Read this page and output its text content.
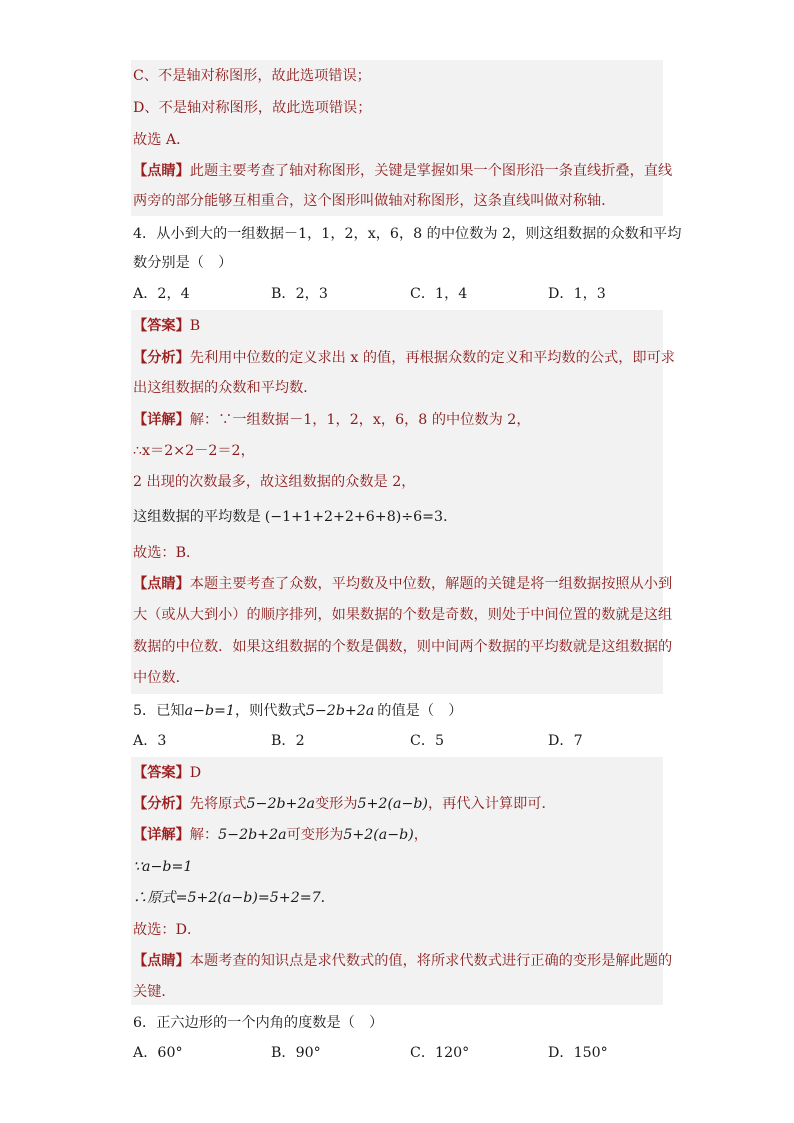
C、不是轴对称图形，故此选项错误；
D、不是轴对称图形，故此选项错误；
故选 A．
【点睛】此题主要考查了轴对称图形，关键是掌握如果一个图形沿一条直线折叠，直线
两旁的部分能够互相重合，这个图形叫做轴对称图形，这条直线叫做对称轴．
4．从小到大的一组数据－1，1，2，x，6，8 的中位数为 2，则这组数据的众数和平均
数分别是（　）
A．2，4	B．2，3	C．1，4	D．1，3
【答案】B
【分析】先利用中位数的定义求出 x 的值，再根据众数的定义和平均数的公式，即可求
出这组数据的众数和平均数．
【详解】解：∵一组数据－1，1，2，x，6，8 的中位数为 2，
∴x＝2×2－2＝2，
2 出现的次数最多，故这组数据的众数是 2，
这组数据的平均数是 (−1+1+2+2+6+8)÷6=3．
故选：B．
【点睛】本题主要考查了众数，平均数及中位数，解题的关键是将一组数据按照从小到
大（或从大到小）的顺序排列，如果数据的个数是奇数，则处于中间位置的数就是这组
数据的中位数．如果这组数据的个数是偶数，则中间两个数据的平均数就是这组数据的
中位数．
5．已知a−b=1，则代数式5−2b+2a 的值是（　）
A．3	B．2	C．5	D．7
【答案】D
【分析】先将原式5−2b+2a变形为5+2(a−b)，再代入计算即可．
【详解】解：5−2b+2a可变形为5+2(a−b)，
∵a−b=1
∴原式=5+2(a−b)=5+2=7．
故选：D．
【点睛】本题考查的知识点是求代数式的值，将所求代数式进行正确的变形是解此题的
关键．
6．正六边形的一个内角的度数是（　）
A．60°	B．90°	C．120°	D．150°
